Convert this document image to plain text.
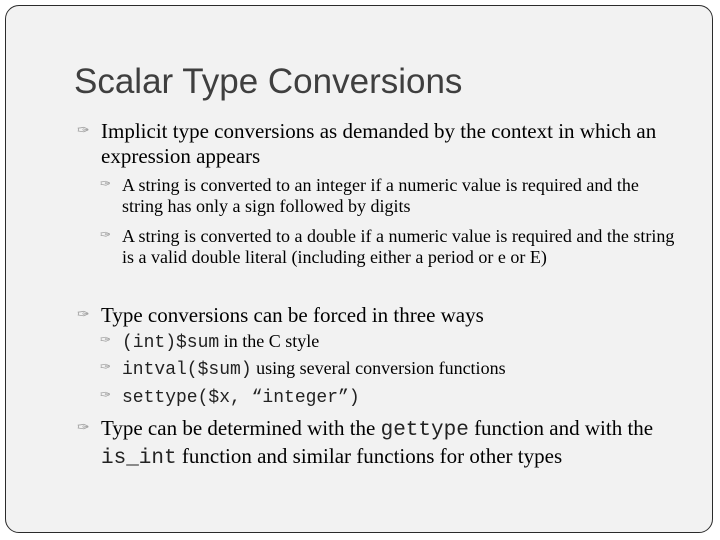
Scalar Type Conversions
✑ Implicit type conversions as demanded by the context in which an expression appears
✑ A string is converted to an integer if a numeric value is required and the string has only a sign followed by digits
✑ A string is converted to a double if a numeric value is required and the string is a valid double literal (including either a period or e or E)
✑ Type conversions can be forced in three ways
✑ (int)$sum in the C style
✑ intval($sum) using several conversion functions
✑ settype($x, “integer”)
✑ Type can be determined with the gettype function and with the is_int function and similar functions for other types
